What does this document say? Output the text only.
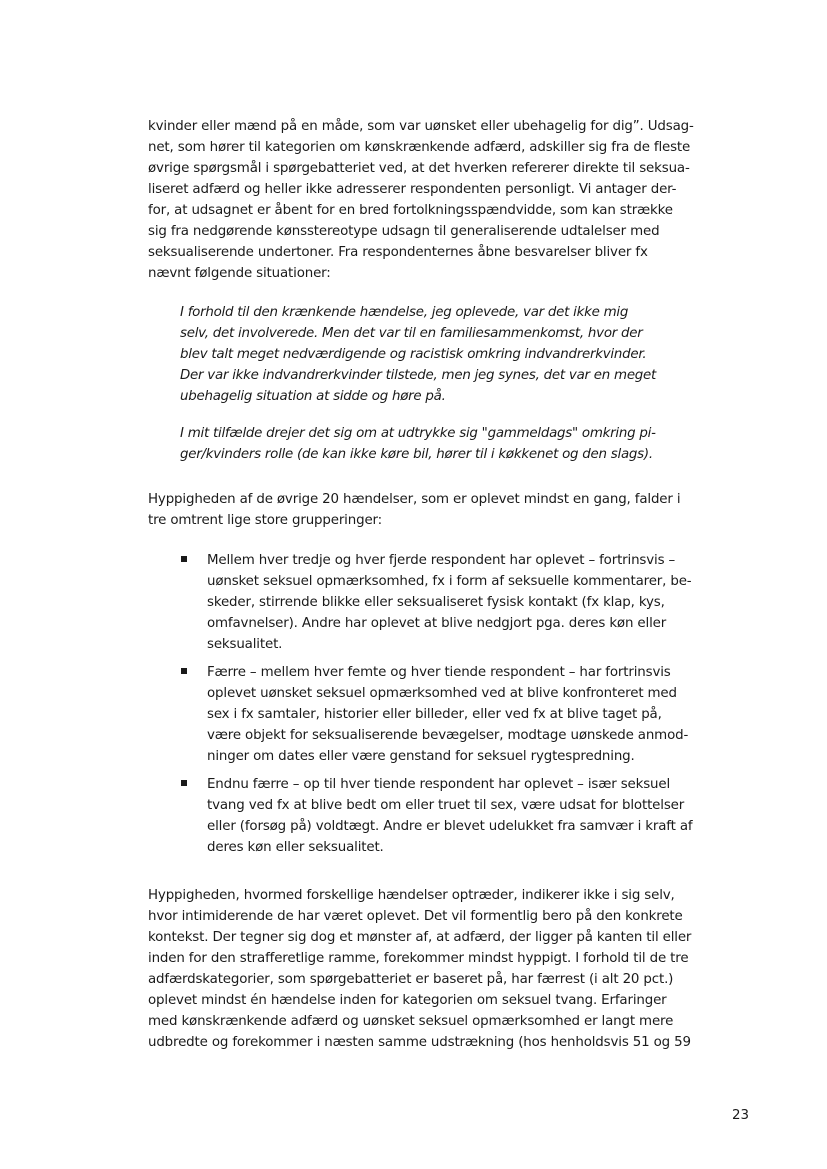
kvinder eller mænd på en måde, som var uønsket eller ubehagelig for dig”. Udsag-
net, som hører til kategorien om kønskrænkende adfærd, adskiller sig fra de fleste
øvrige spørgsmål i spørgebatteriet ved, at det hverken refererer direkte til seksua-
liseret adfærd og heller ikke adresserer respondenten personligt. Vi antager der-
for, at udsagnet er åbent for en bred fortolkningsspændvidde, som kan strække
sig fra nedgørende kønsstereotype udsagn til generaliserende udtalelser med
seksualiserende undertoner. Fra respondenternes åbne besvarelser bliver fx
nævnt følgende situationer:
I forhold til den krænkende hændelse, jeg oplevede, var det ikke mig
selv, det involverede. Men det var til en familiesammenkomst, hvor der
blev talt meget nedværdigende og racistisk omkring indvandrerkvinder.
Der var ikke indvandrerkvinder tilstede, men jeg synes, det var en meget
ubehagelig situation at sidde og høre på.
I mit tilfælde drejer det sig om at udtrykke sig "gammeldags" omkring pi-
ger/kvinders rolle (de kan ikke køre bil, hører til i køkkenet og den slags).
Hyppigheden af de øvrige 20 hændelser, som er oplevet mindst en gang, falder i
tre omtrent lige store grupperinger:
Mellem hver tredje og hver fjerde respondent har oplevet – fortrinsvis –
uønsket seksuel opmærksomhed, fx i form af seksuelle kommentarer, be-
skeder, stirrende blikke eller seksualiseret fysisk kontakt (fx klap, kys,
omfavnelser). Andre har oplevet at blive nedgjort pga. deres køn eller
seksualitet.
Færre – mellem hver femte og hver tiende respondent – har fortrinsvis
oplevet uønsket seksuel opmærksomhed ved at blive konfronteret med
sex i fx samtaler, historier eller billeder, eller ved fx at blive taget på,
være objekt for seksualiserende bevægelser, modtage uønskede anmod-
ninger om dates eller være genstand for seksuel rygtespredning.
Endnu færre – op til hver tiende respondent har oplevet – især seksuel
tvang ved fx at blive bedt om eller truet til sex, være udsat for blottelser
eller (forsøg på) voldtægt. Andre er blevet udelukket fra samvær i kraft af
deres køn eller seksualitet.
Hyppigheden, hvormed forskellige hændelser optræder, indikerer ikke i sig selv,
hvor intimiderende de har været oplevet. Det vil formentlig bero på den konkrete
kontekst. Der tegner sig dog et mønster af, at adfærd, der ligger på kanten til eller
inden for den strafferetlige ramme, forekommer mindst hyppigt. I forhold til de tre
adfærdskategorier, som spørgebatteriet er baseret på, har færrest (i alt 20 pct.)
oplevet mindst én hændelse inden for kategorien om seksuel tvang. Erfaringer
med kønskrænkende adfærd og uønsket seksuel opmærksomhed er langt mere
udbredte og forekommer i næsten samme udstrækning (hos henholdsvis 51 og 59
23
